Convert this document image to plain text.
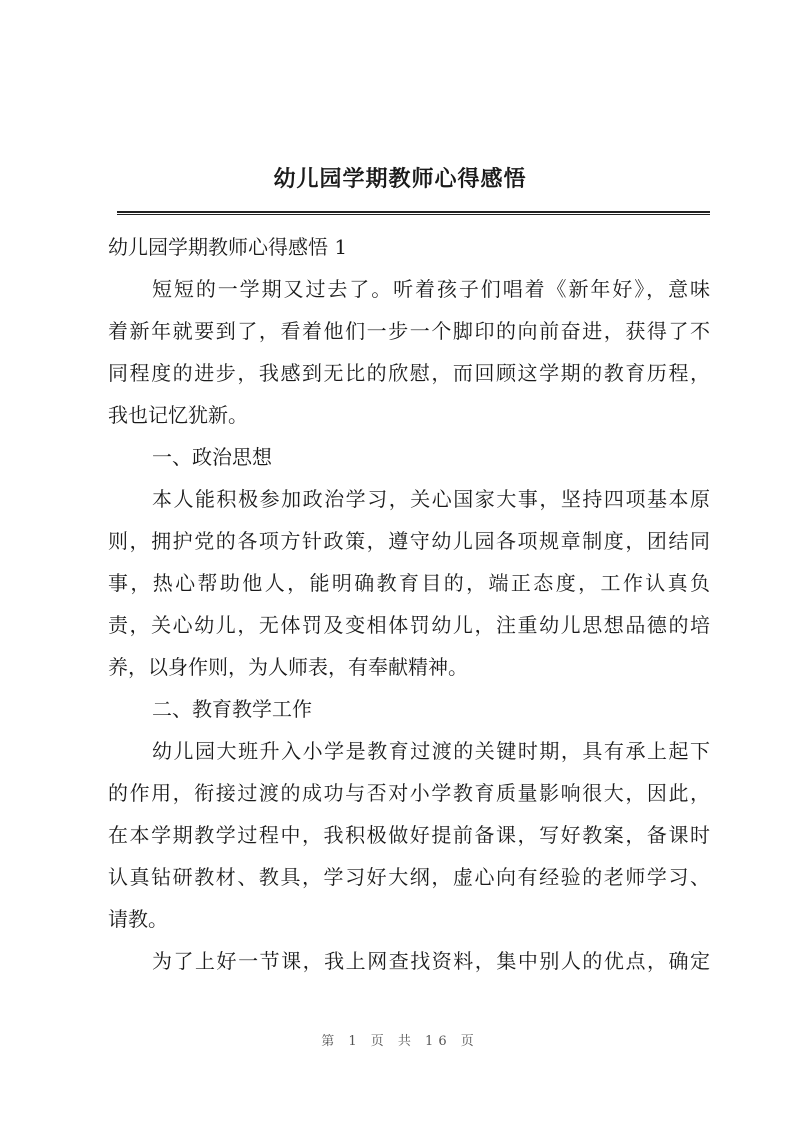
幼儿园学期教师心得感悟
幼儿园学期教师心得感悟 1
短短的一学期又过去了。听着孩子们唱着《新年好》，意味
着新年就要到了，看着他们一步一个脚印的向前奋进，获得了不
同程度的进步，我感到无比的欣慰，而回顾这学期的教育历程，
我也记忆犹新。
一、政治思想
本人能积极参加政治学习，关心国家大事，坚持四项基本原
则，拥护党的各项方针政策，遵守幼儿园各项规章制度，团结同
事，热心帮助他人，能明确教育目的，端正态度，工作认真负
责，关心幼儿，无体罚及变相体罚幼儿，注重幼儿思想品德的培
养，以身作则，为人师表，有奉献精神。
二、教育教学工作
幼儿园大班升入小学是教育过渡的关键时期，具有承上起下
的作用，衔接过渡的成功与否对小学教育质量影响很大，因此，
在本学期教学过程中，我积极做好提前备课，写好教案，备课时
认真钻研教材、教具，学习好大纲，虚心向有经验的老师学习、
请教。
为了上好一节课，我上网查找资料，集中别人的优点，确定
第 1 页 共 16 页
